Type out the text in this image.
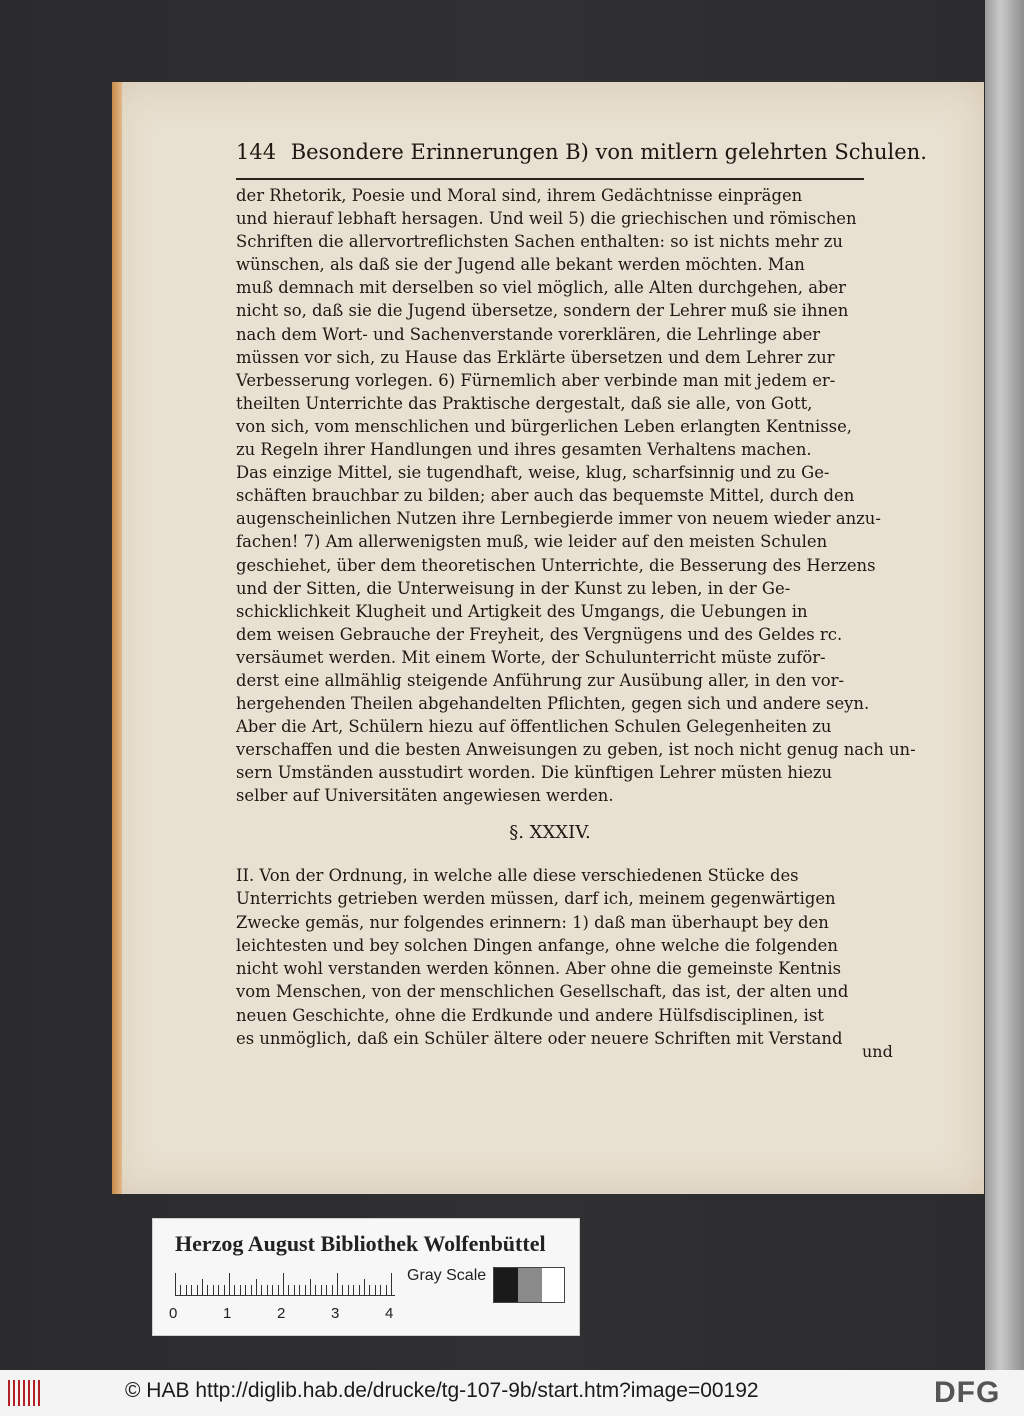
144 Besondere Erinnerungen B) von mitlern gelehrten Schulen.
der Rhetorik, Poesie und Moral sind, ihrem Gedächtnisse einprägen
und hierauf lebhaft hersagen. Und weil 5) die griechischen und römischen
Schriften die allervortreflichsten Sachen enthalten: so ist nichts mehr zu
wünschen, als daß sie der Jugend alle bekant werden möchten. Man
muß demnach mit derselben so viel möglich, alle Alten durchgehen, aber
nicht so, daß sie die Jugend übersetze, sondern der Lehrer muß sie ihnen
nach dem Wort- und Sachenverstande vorerklären, die Lehrlinge aber
müssen vor sich, zu Hause das Erklärte übersetzen und dem Lehrer zur
Verbesserung vorlegen. 6) Fürnemlich aber verbinde man mit jedem er-
theilten Unterrichte das Praktische dergestalt, daß sie alle, von Gott,
von sich, vom menschlichen und bürgerlichen Leben erlangten Kentnisse,
zu Regeln ihrer Handlungen und ihres gesamten Verhaltens machen.
Das einzige Mittel, sie tugendhaft, weise, klug, scharfsinnig und zu Ge-
schäften brauchbar zu bilden; aber auch das bequemste Mittel, durch den
augenscheinlichen Nutzen ihre Lernbegierde immer von neuem wieder anzu-
fachen! 7) Am allerwenigsten muß, wie leider auf den meisten Schulen
geschiehet, über dem theoretischen Unterrichte, die Besserung des Herzens
und der Sitten, die Unterweisung in der Kunst zu leben, in der Ge-
schicklichkeit Klugheit und Artigkeit des Umgangs, die Uebungen in
dem weisen Gebrauche der Freyheit, des Vergnügens und des Geldes rc.
versäumet werden. Mit einem Worte, der Schulunterricht müste zuför-
derst eine allmählig steigende Anführung zur Ausübung aller, in den vor-
hergehenden Theilen abgehandelten Pflichten, gegen sich und andere seyn.
Aber die Art, Schülern hiezu auf öffentlichen Schulen Gelegenheiten zu
verschaffen und die besten Anweisungen zu geben, ist noch nicht genug nach un-
sern Umständen ausstudirt worden. Die künftigen Lehrer müsten hiezu
selber auf Universitäten angewiesen werden.
§. XXXIV.
II. Von der Ordnung, in welche alle diese verschiedenen Stücke des
Unterrichts getrieben werden müssen, darf ich, meinem gegenwärtigen
Zwecke gemäs, nur folgendes erinnern: 1) daß man überhaupt bey den
leichtesten und bey solchen Dingen anfange, ohne welche die folgenden
nicht wohl verstanden werden können. Aber ohne die gemeinste Kentnis
vom Menschen, von der menschlichen Gesellschaft, das ist, der alten und
neuen Geschichte, ohne die Erdkunde und andere Hülfsdisciplinen, ist
es unmöglich, daß ein Schüler ältere oder neuere Schriften mit Verstand
und
Herzog August Bibliothek Wolfenbüttel
0	1	2	3	4
Gray Scale
© HAB http://diglib.hab.de/drucke/tg-107-9b/start.htm?image=00192	DFG
